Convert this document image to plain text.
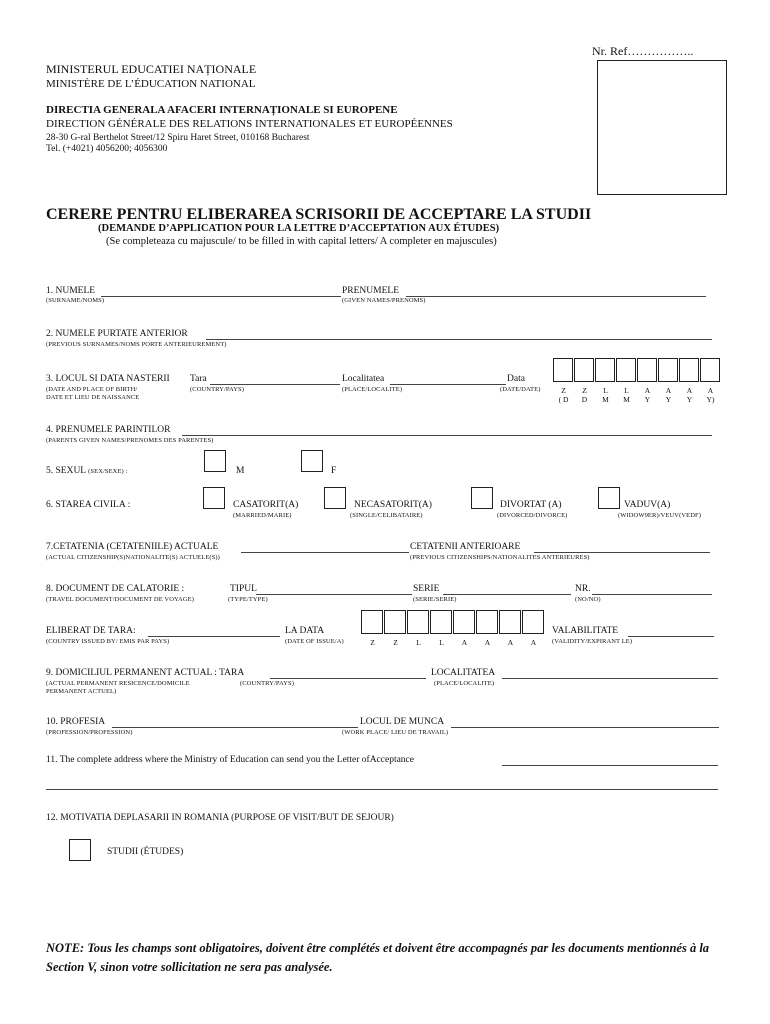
Nr. Ref……………..
MINISTERUL EDUCATIEI NAȚIONALE
MINISTÈRE DE L’ÉDUCATION NATIONAL
DIRECTIA GENERALA AFACERI INTERNAȚIONALE SI EUROPENE
DIRECTION GÉNÉRALE DES RELATIONS INTERNATIONALES ET EUROPÉENNES
28-30 G-ral Berthelot Street/12 Spiru Haret Street, 010168 Bucharest
Tel. (+4021) 4056200; 4056300
CERERE PENTRU ELIBERAREA SCRISORII DE ACCEPTARE LA STUDII
(DEMANDE D’APPLICATION POUR LA LETTRE D’ACCEPTATION AUX ÉTUDES)
(Se completeaza cu majuscule/ to be filled in with capital letters/ A completer en majuscules)
1. NUMELE
(SURNAME/NOMS)
PRENUMELE
(GIVEN NAMES/PRENOMS)
2. NUMELE PURTATE ANTERIOR
(PREVIOUS SURNAMES/NOMS PORTE ANTERIEUREMENT)
3. LOCUL SI DATA NASTERII
(DATE AND PLACE OF BIRTH/
DATE ET LIEU DE NAISSANCE
Tara
(COUNTRY/PAYS)
Localitatea
(PLACE/LOCALITE)
Data
(DATE/DATE)	Z	Z	L	L	A	A	A	A
( D	D	M	M	Y	Y	Y	Y)
4. PRENUMELE PARINTILOR
(PARENTS GIVEN NAMES/PRENOMES DES PARENTES)
5. SEXUL (SEX/SEXE) :	M	F
6. STAREA CIVILA :	CASATORIT(A)
(MARRIED/MARIE)
NECASATORIT(A)
(SINGLE/CELIBATAIRE)
DIVORTAT (A)
(DIVORCED/DIVORCE)
VADUV(A)
(WIDOW9ER)/VEUV(VEDF)
7.CETATENIA (CETATENIILE) ACTUALE
(ACTUAL CITIZENSHIP(S)NATIONALITE(S) ACTUELE(S))
CETATENII ANTERIOARE
(PREVIOUS CITIZENSHIPS/NATIONALITES ANTERIEURES)
8. DOCUMENT DE CALATORIE :
(TRAVEL DOCUMENT/DOCUMENT DE VOYAGE)
TIPUL
(TYPE/TYPE)
SERIE
(SERIE/SERIE)
NR.
(NO/NO)
ELIBERAT DE TARA:
(COUNTRY ISSUED BY/ EMIS PAR PAYS)
LA DATA
(DATE OF ISSUE/A)	Z	Z	L	L	A	A	A	A
VALABILITATE
(VALIDITY/EXPIRANT LE)
9. DOMICILIUL PERMANENT ACTUAL : TARA
(ACTUAL PERMANENT RESICENCE/DOMICILE
PERMANENT ACTUEL)
(COUNTRY/PAYS)
LOCALITATEA
(PLACE/LOCALITE)
10. PROFESIA
(PROFESSION/PROFESSION)
LOCUL DE MUNCA
(WORK PLACE/ LIEU DE TRAVAIL)
11. The complete address where the Ministry of Education can send you the Letter ofAcceptance
12. MOTIVATIA DEPLASARII IN ROMANIA (PURPOSE OF VISIT/BUT DE SEJOUR)
STUDII (ÉTUDES)
NOTE: Tous les champs sont obligatoires, doivent être complétés et doivent être accompagnés par les documents mentionnés à la Section V, sinon votre sollicitation ne sera pas analysée.
